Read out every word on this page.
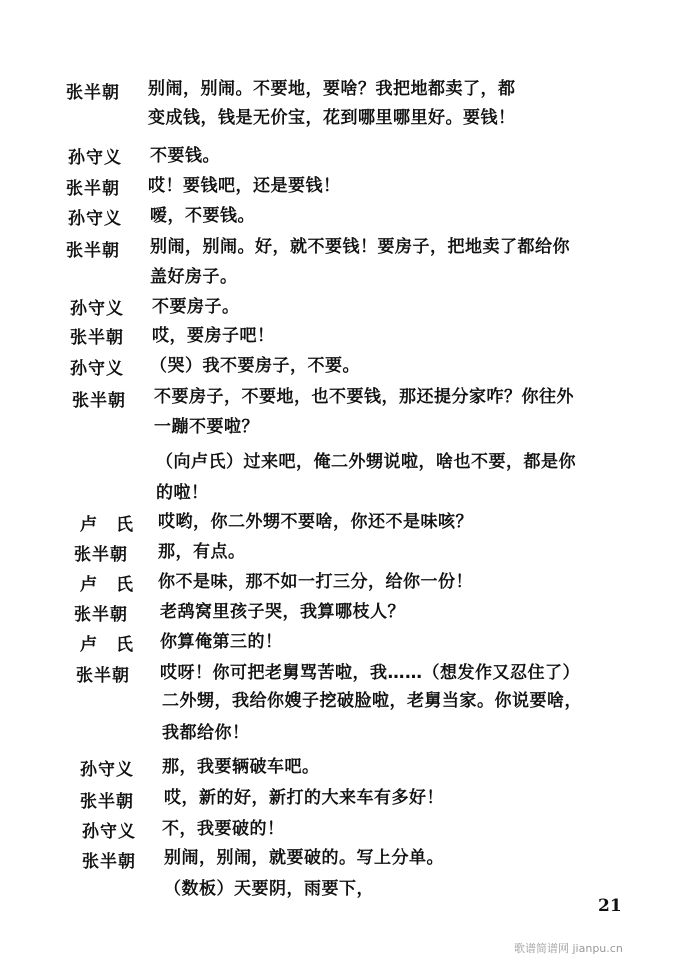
张半朝 别闹，别闹。不要地，要啥？我把地都卖了，都
变成钱，钱是无价宝，花到哪里哪里好。要钱！
孙守义 不要钱。
张半朝 哎！要钱吧，还是要钱！
孙守义 嗳，不要钱。
张半朝 别闹，别闹。好，就不要钱！要房子，把地卖了都给你
盖好房子。
孙守义 不要房子。
张半朝 哎，要房子吧！
孙守义 （哭）我不要房子，不要。
张半朝 不要房子，不要地，也不要钱，那还提分家咋？你往外
一蹦不要啦？
（向卢氏）过来吧，俺二外甥说啦，啥也不要，都是你
的啦！
卢　氏 哎哟，你二外甥不要啥，你还不是味咳？
张半朝 那，有点。
卢　氏 你不是味，那不如一打三分，给你一份！
张半朝 老鸹窝里孩子哭，我算哪枝人？
卢　氏 你算俺第三的！
张半朝 哎呀！你可把老舅骂苦啦，我……（想发作又忍住了）
二外甥，我给你嫂子挖破脸啦，老舅当家。你说要啥，
我都给你！
孙守义 那，我要辆破车吧。
张半朝 哎，新的好，新打的大来车有多好！
孙守义 不，我要破的！
张半朝 别闹，别闹，就要破的。写上分单。
（数板）天要阴，雨要下，
21
歌谱简谱网 jianpu.cn
